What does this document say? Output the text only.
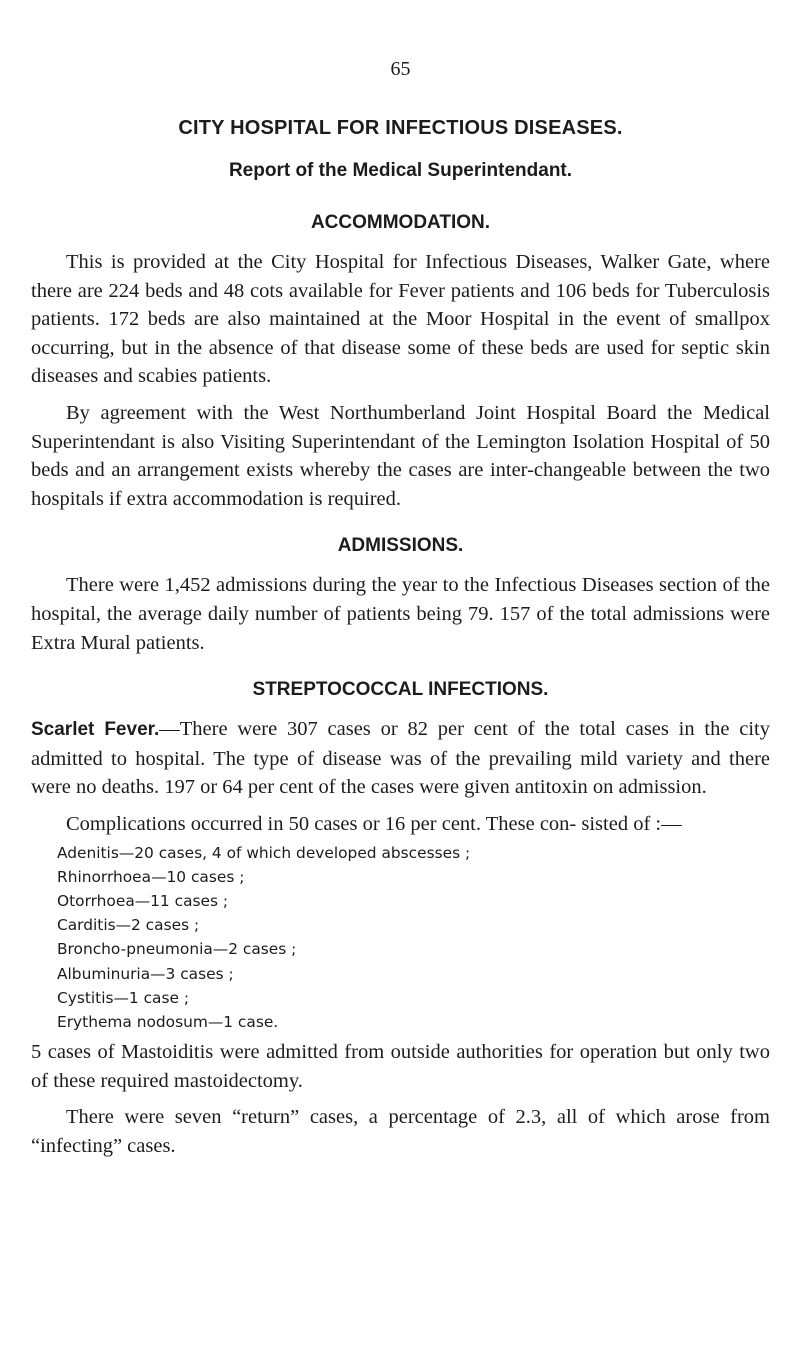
65
CITY HOSPITAL FOR INFECTIOUS DISEASES.
Report of the Medical Superintendant.
ACCOMMODATION.

This is provided at the City Hospital for Infectious Diseases, Walker Gate, where there are 224 beds and 48 cots available for Fever patients and 106 beds for Tuberculosis patients. 172 beds are also maintained at the Moor Hospital in the event of smallpox occurring, but in the absence of that disease some of these beds are used for septic skin diseases and scabies patients.

By agreement with the West Northumberland Joint Hospital Board the Medical Superintendant is also Visiting Superintendant of the Lemington Isolation Hospital of 50 beds and an arrangement exists whereby the cases are inter-changeable between the two hospitals if extra accommodation is required.

ADMISSIONS.

There were 1,452 admissions during the year to the Infectious Diseases section of the hospital, the average daily number of patients being 79. 157 of the total admissions were Extra Mural patients.

STREPTOCOCCAL INFECTIONS.

Scarlet Fever.—There were 307 cases or 82 per cent of the total cases in the city admitted to hospital. The type of disease was of the prevailing mild variety and there were no deaths. 197 or 64 per cent of the cases were given antitoxin on admission.

Complications occurred in 50 cases or 16 per cent. These con- sisted of :—

Adenitis—20 cases, 4 of which developed abscesses ;
Rhinorrhoea—10 cases ;
Otorrhoea—11 cases ;
Carditis—2 cases ;
Broncho-pneumonia—2 cases ;
Albuminuria—3 cases ;
Cystitis—1 case ;
Erythema nodosum—1 case.

5 cases of Mastoiditis were admitted from outside authorities for operation but only two of these required mastoidectomy.

There were seven “return” cases, a percentage of 2.3, all of which arose from “infecting” cases.
